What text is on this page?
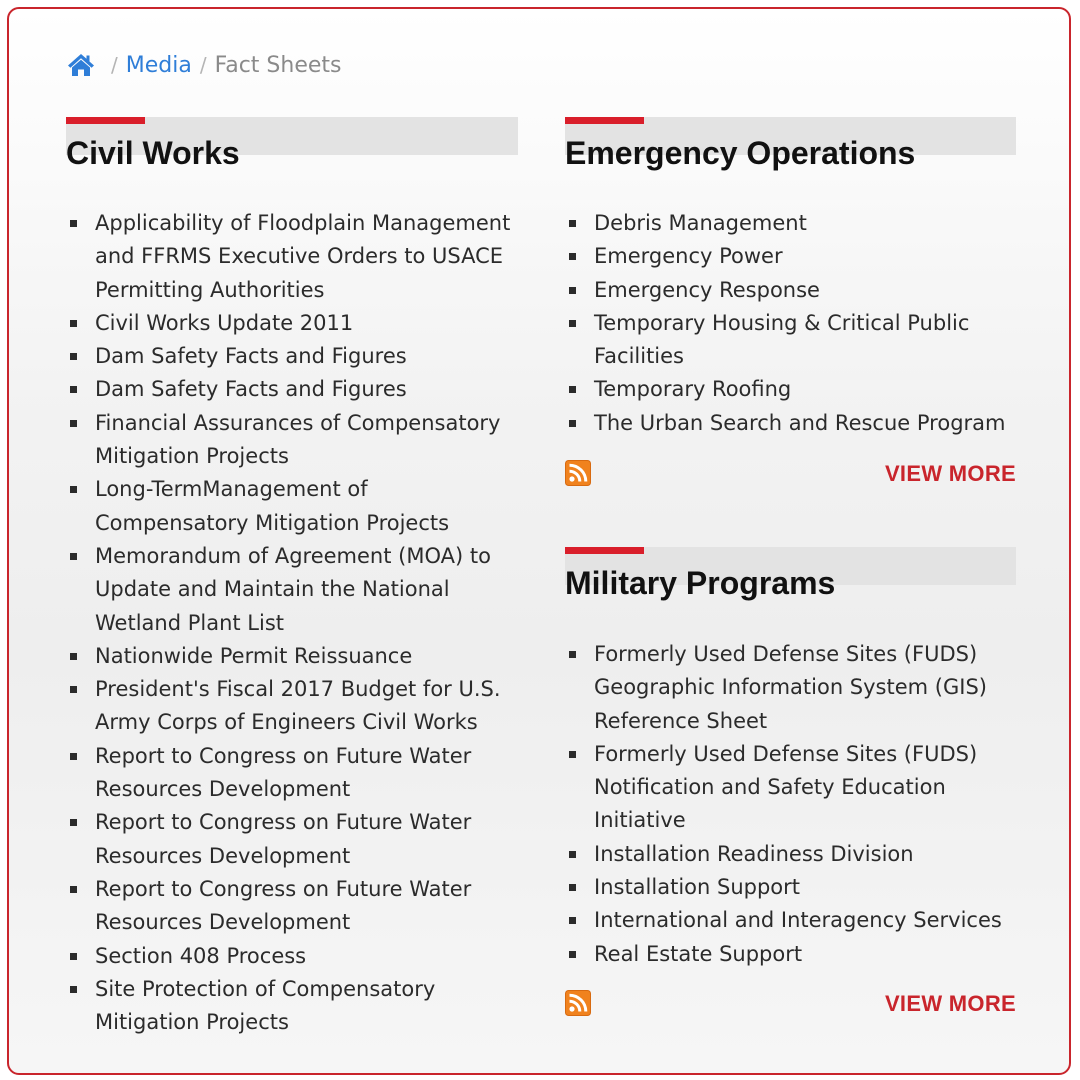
/ Media / Fact Sheets
Civil Works
Applicability of Floodplain Management and FFRMS Executive Orders to USACE Permitting Authorities
Civil Works Update 2011
Dam Safety Facts and Figures
Dam Safety Facts and Figures
Financial Assurances of Compensatory Mitigation Projects
Long-TermManagement of Compensatory Mitigation Projects
Memorandum of Agreement (MOA) to Update and Maintain the National Wetland Plant List
Nationwide Permit Reissuance
President's Fiscal 2017 Budget for U.S. Army Corps of Engineers Civil Works
Report to Congress on Future Water Resources Development
Report to Congress on Future Water Resources Development
Report to Congress on Future Water Resources Development
Section 408 Process
Site Protection of Compensatory Mitigation Projects
Emergency Operations
Debris Management
Emergency Power
Emergency Response
Temporary Housing & Critical Public Facilities
Temporary Roofing
The Urban Search and Rescue Program
VIEW MORE
Military Programs
Formerly Used Defense Sites (FUDS) Geographic Information System (GIS) Reference Sheet
Formerly Used Defense Sites (FUDS) Notification and Safety Education Initiative
Installation Readiness Division
Installation Support
International and Interagency Services
Real Estate Support
VIEW MORE
